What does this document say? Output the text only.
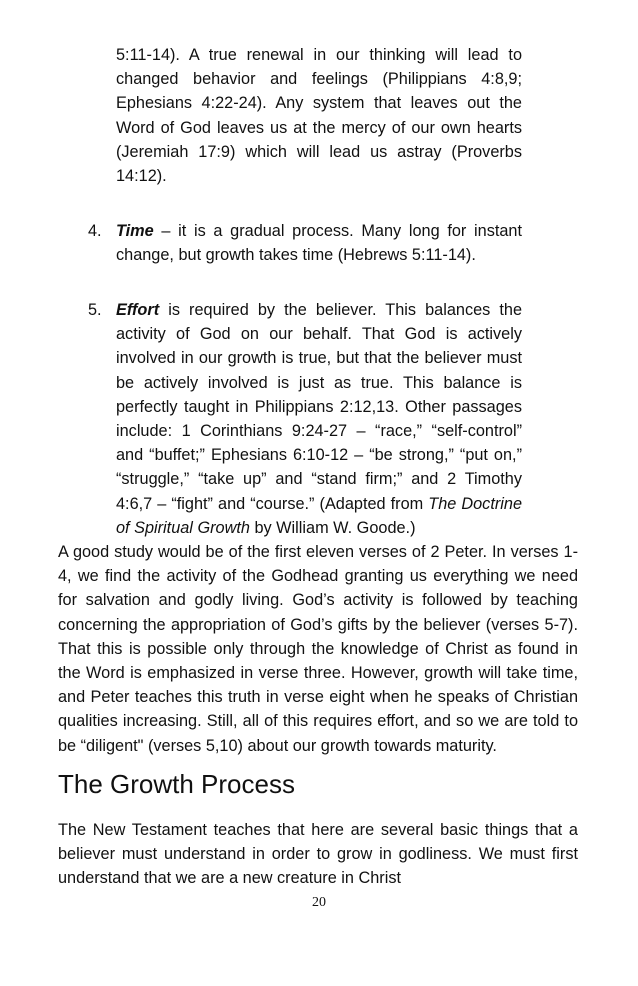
5:11-14). A true renewal in our thinking will lead to changed behavior and feelings (Philippians 4:8,9; Ephesians 4:22-24). Any system that leaves out the Word of God leaves us at the mercy of our own hearts (Jeremiah 17:9) which will lead us astray (Proverbs 14:12).

4. Time – it is a gradual process. Many long for instant change, but growth takes time (Hebrews 5:11-14).
5. Effort is required by the believer. This balances the activity of God on our behalf. That God is actively involved in our growth is true, but that the believer must be actively involved is just as true. This balance is perfectly taught in Philippians 2:12,13. Other passages include: 1 Corinthians 9:24-27 – “race,” “self-control” and “buffet;” Ephesians 6:10-12 – “be strong,” “put on,” “struggle,” “take up” and “stand firm;” and 2 Timothy 4:6,7 – “fight” and “course.” (Adapted from The Doctrine of Spiritual Growth by William W. Goode.)

A good study would be of the first eleven verses of 2 Peter. In verses 1-4, we find the activity of the Godhead granting us everything we need for salvation and godly living. God’s activity is followed by teaching concerning the appropriation of God’s gifts by the believer (verses 5-7). That this is possible only through the knowledge of Christ as found in the Word is emphasized in verse three. However, growth will take time, and Peter teaches this truth in verse eight when he speaks of Christian qualities increasing. Still, all of this requires effort, and so we are told to be “diligent" (verses 5,10) about our growth towards maturity.

The Growth Process

The New Testament teaches that here are several basic things that a believer must understand in order to grow in godliness. We must first understand that we are a new creature in Christ

20
